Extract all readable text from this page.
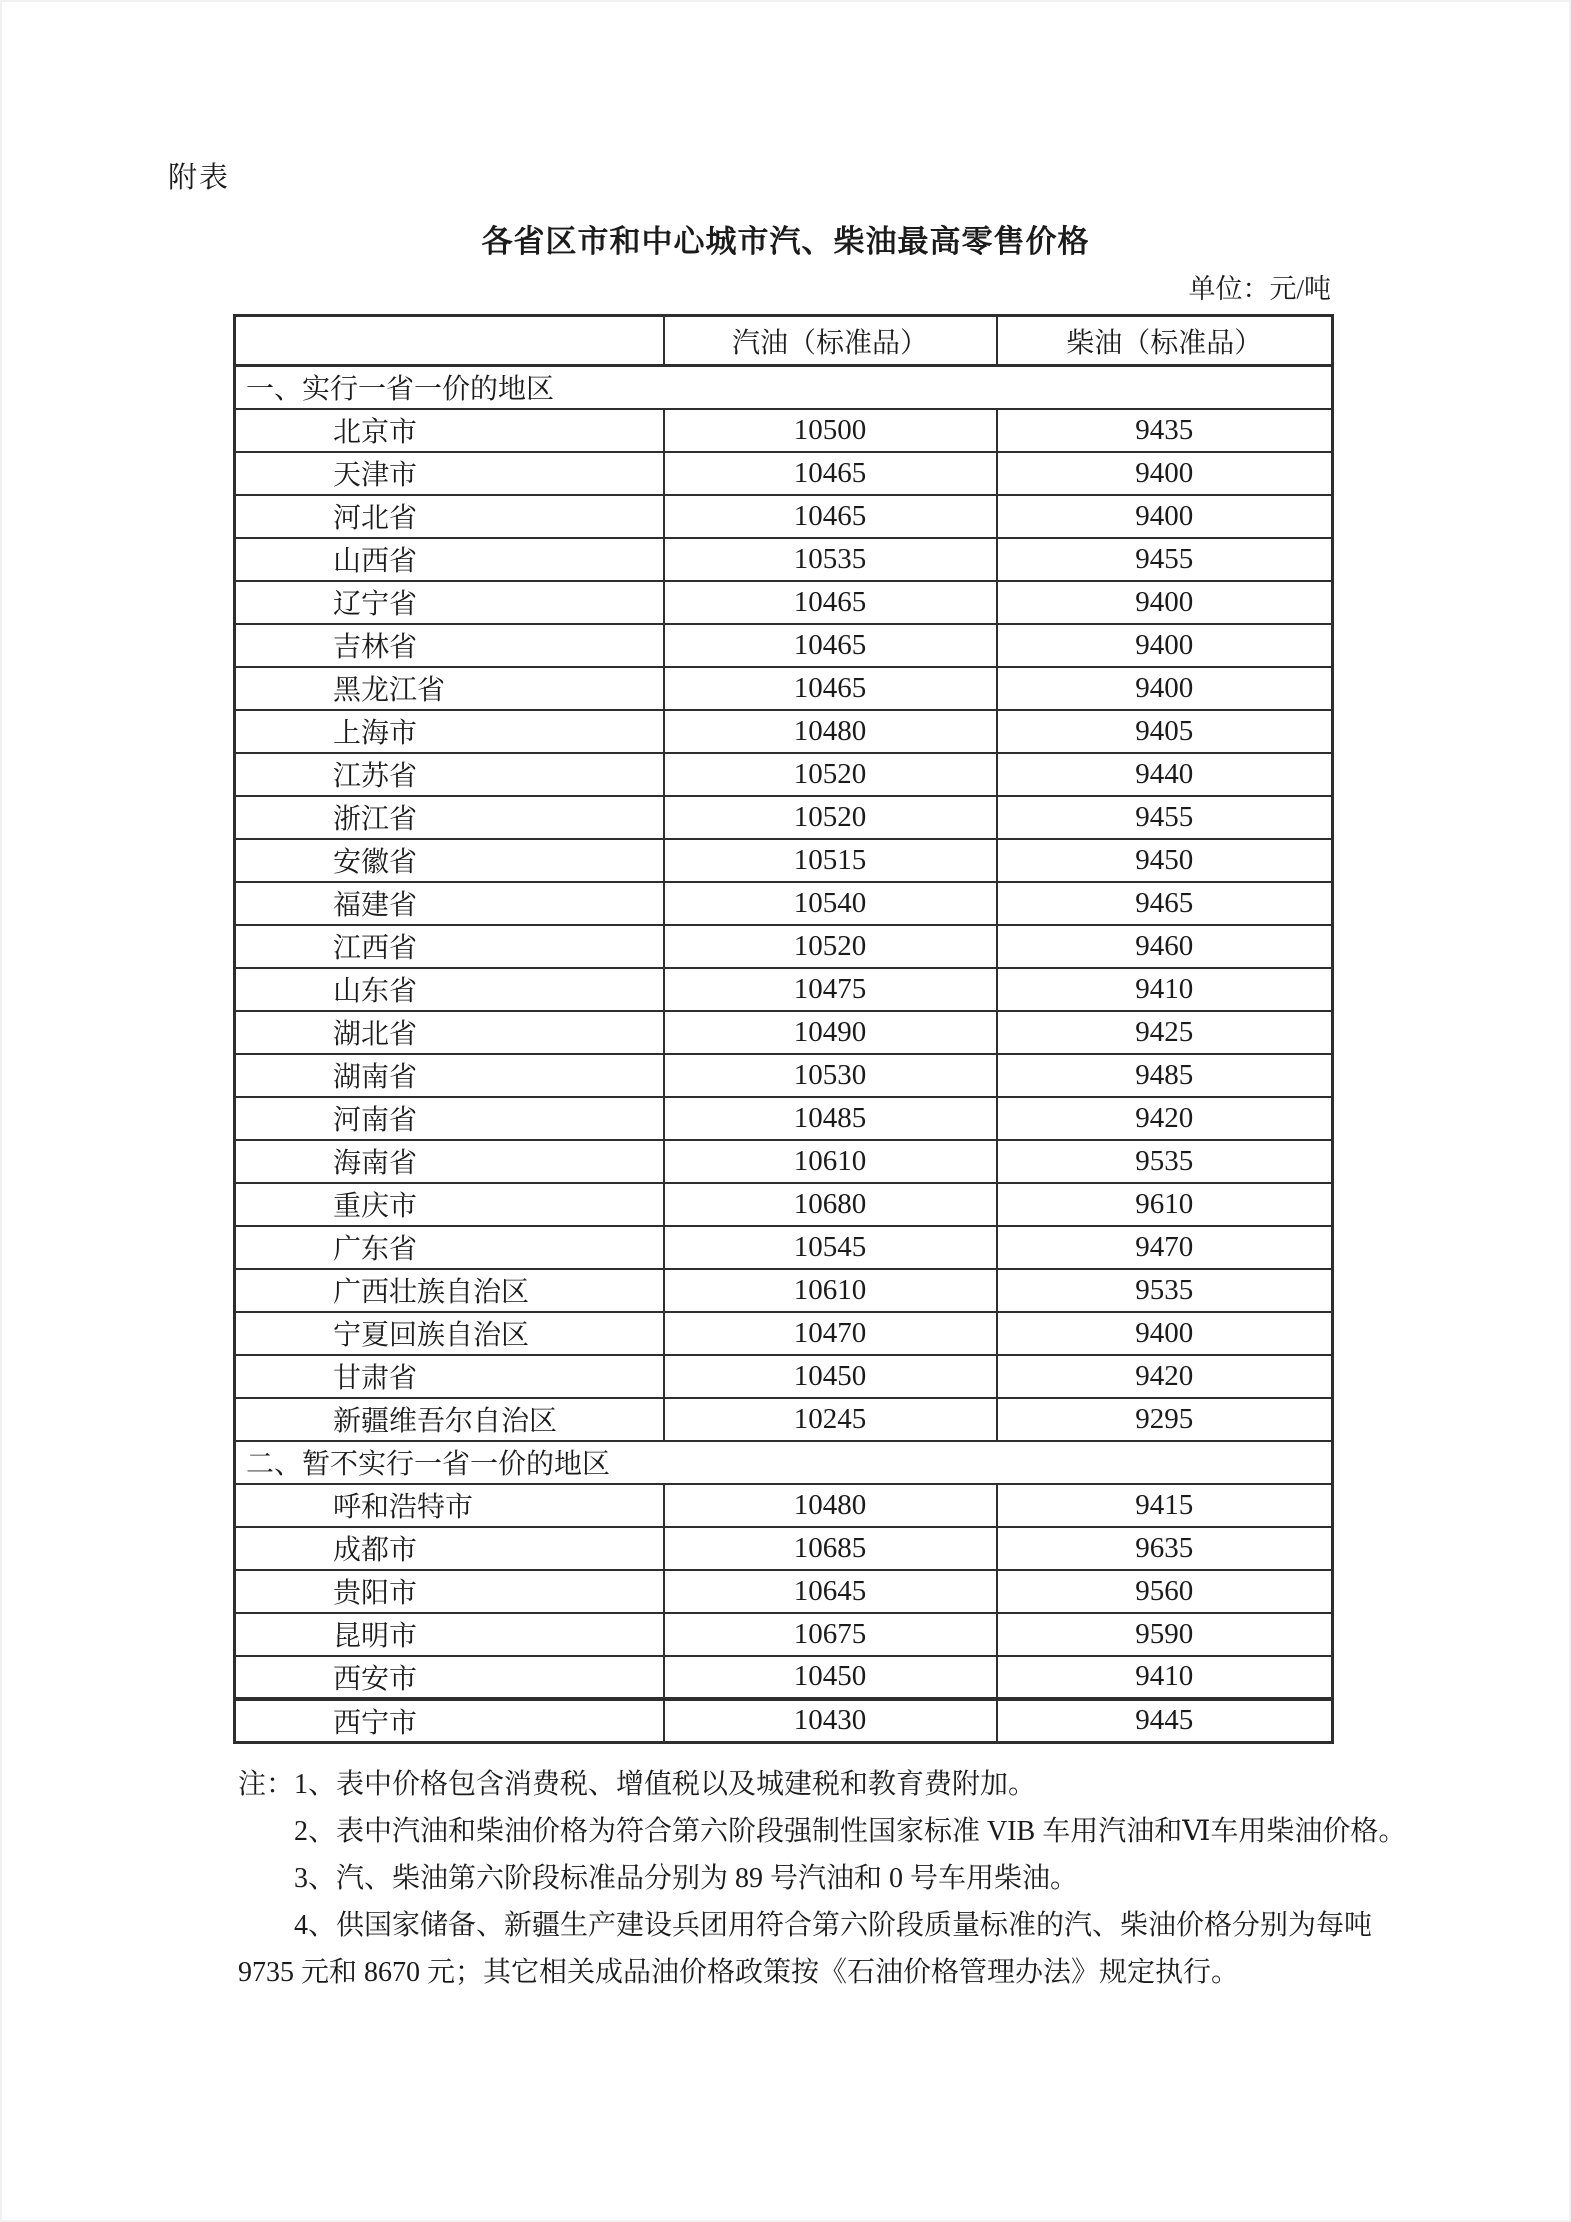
附表
各省区市和中心城市汽、柴油最高零售价格
单位：元/吨
	汽油（标准品）	柴油（标准品）
一、实行一省一价的地区		
北京市	10500	9435
天津市	10465	9400
河北省	10465	9400
山西省	10535	9455
辽宁省	10465	9400
吉林省	10465	9400
黑龙江省	10465	9400
上海市	10480	9405
江苏省	10520	9440
浙江省	10520	9455
安徽省	10515	9450
福建省	10540	9465
江西省	10520	9460
山东省	10475	9410
湖北省	10490	9425
湖南省	10530	9485
河南省	10485	9420
海南省	10610	9535
重庆市	10680	9610
广东省	10545	9470
广西壮族自治区	10610	9535
宁夏回族自治区	10470	9400
甘肃省	10450	9420
新疆维吾尔自治区	10245	9295
二、暂不实行一省一价的地区		
呼和浩特市	10480	9415
成都市	10685	9635
贵阳市	10645	9560
昆明市	10675	9590
西安市	10450	9410
西宁市	10430	9445

注：1、表中价格包含消费税、增值税以及城建税和教育费附加。

2、表中汽油和柴油价格为符合第六阶段强制性国家标准 VIB 车用汽油和Ⅵ车用柴油价格。

3、汽、柴油第六阶段标准品分别为 89 号汽油和 0 号车用柴油。

4、供国家储备、新疆生产建设兵团用符合第六阶段质量标准的汽、柴油价格分别为每吨 9735 元和 8670 元；其它相关成品油价格政策按《石油价格管理办法》规定执行。
